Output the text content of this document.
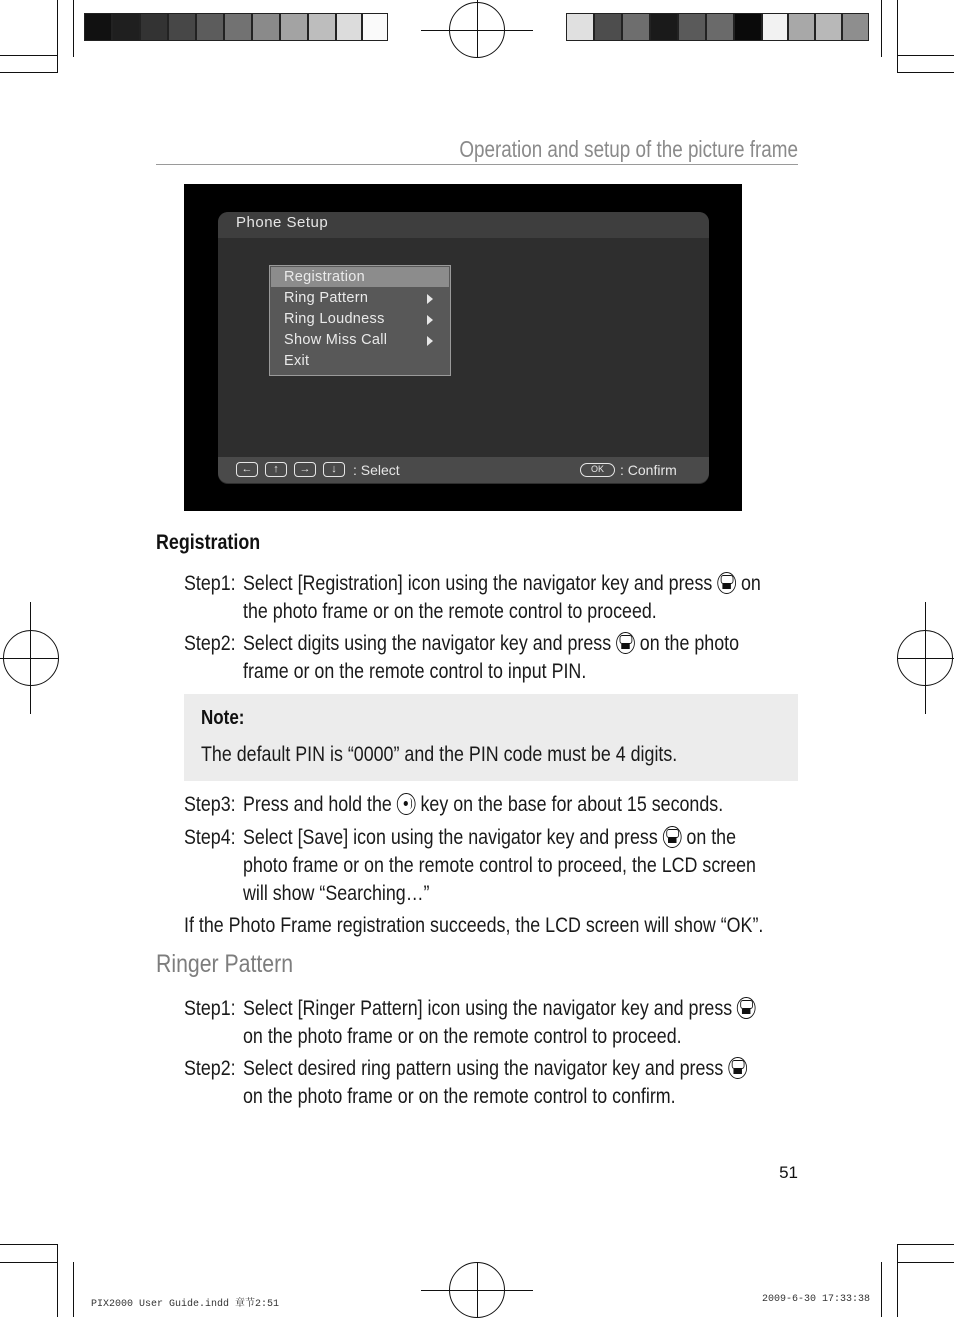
Operation and setup of the picture frame
Phone Setup
Registration
Ring Pattern
Ring Loudness
Show Miss Call
Exit
←	↑	→	↓	: Select	OK	: Confirm
Registration
Step1: Select [Registration] icon using the navigator key and press on
the photo frame or on the remote control to proceed.
Step2: Select digits using the navigator key and press on the photo
frame or on the remote control to input PIN.
Note:
The default PIN is “0000” and the PIN code must be 4 digits.
Step3: Press and hold the key on the base for about 15 seconds.
Step4: Select [Save] icon using the navigator key and press on the
photo frame or on the remote control to proceed, the LCD screen
will show “Searching…”
If the Photo Frame registration succeeds, the LCD screen will show “OK”.
Ringer Pattern
Step1: Select [Ringer Pattern] icon using the navigator key and press
on the photo frame or on the remote control to proceed.
Step2: Select desired ring pattern using the navigator key and press
on the photo frame or on the remote control to confirm.
51
PIX2000 User Guide.indd 章节2:51	2009-6-30 17:33:38
